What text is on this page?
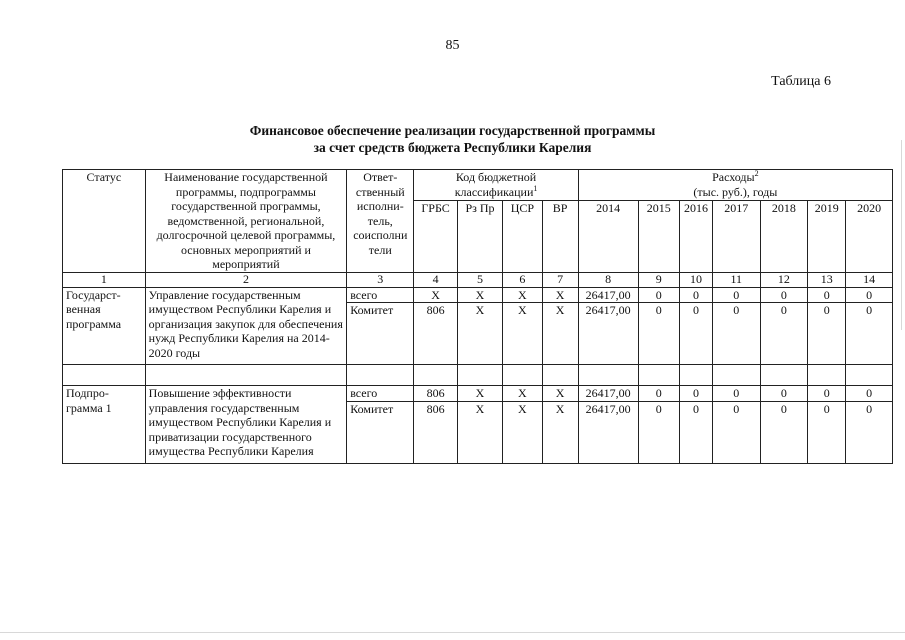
85
Таблица 6
Финансовое обеспечение реализации государственной программы
за счет средств бюджета Республики Карелия
Статус	Наименование государственной программы, подпрограммы государственной программы, ведомственной, региональной, долгосрочной целевой программы, основных мероприятий и мероприятий	Ответ-ственный исполни-тель, соисполни тели	Код бюджетной классификации$^1$				Расходы$^2$
(тыс. руб.), годы						
			ГРБС	Рз Пр	ЦСР	ВР	2014	2015	2016	2017	2018	2019	2020
1	2	3	4	5	6	7	8	9	10	11	12	13	14
Государст-венная программа	Управление государственным имуществом Республики Карелия и организация закупок для обеспечения нужд Республики Карелия на 2014-2020 годы	всего	Х	Х	Х	Х	26417,00	0	0	0	0	0	0
		Комитет	806	Х	Х	Х	26417,00	0	0	0	0	0	0

Подпро-грамма 1	Повышение эффективности управления государственным имуществом Республики Карелия и приватизации государственного имущества Республики Карелия	всего	806	Х	Х	Х	26417,00	0	0	0	0	0	0
		Комитет	806	Х	Х	Х	26417,00	0	0	0	0	0	0
